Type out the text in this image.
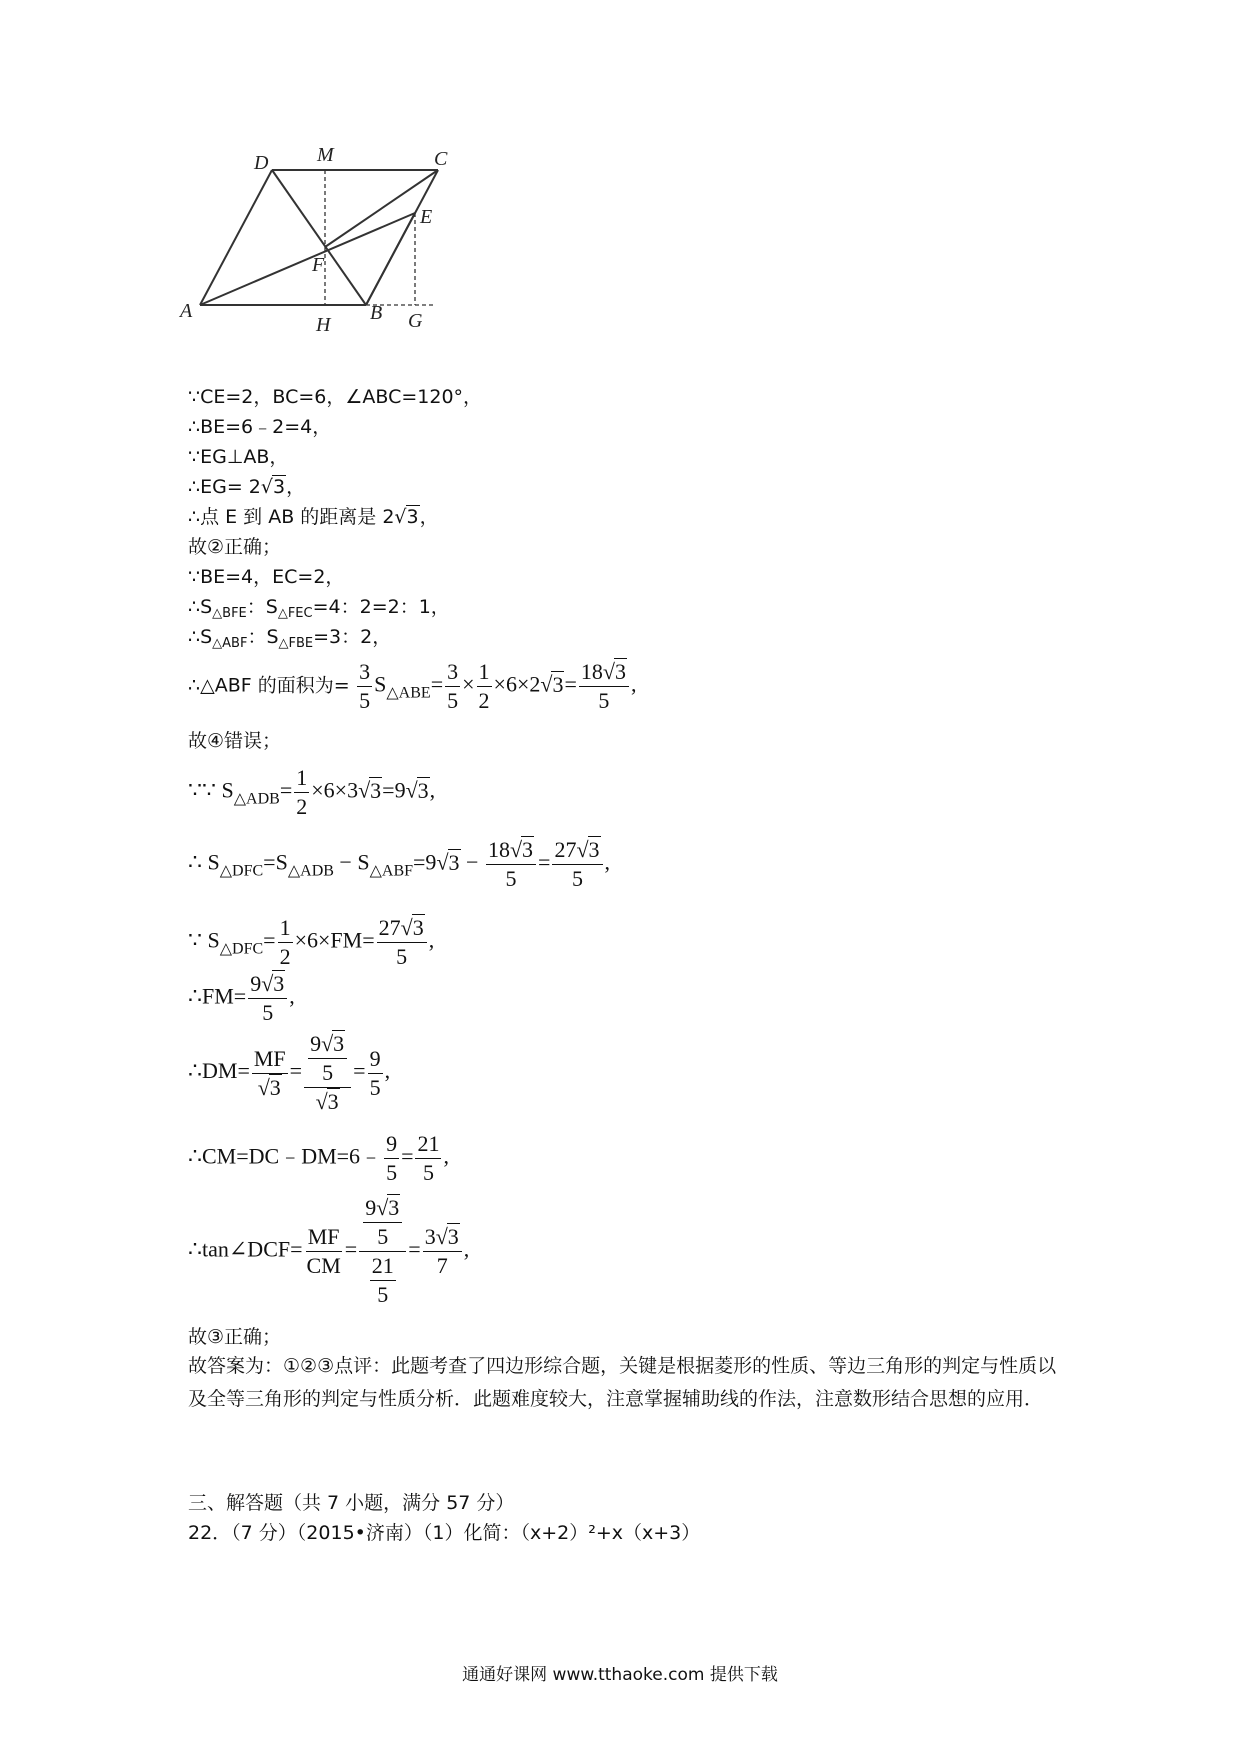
D M	C
E
F
A
H
B G
∵CE=2，BC=6，∠ABC=120°，
∴BE=6﹣2=4，
∵EG⊥AB，
∴EG= 2√3，
∴点 E 到 AB 的距离是 2√3，
故②正确；
∵BE=4，EC=2，
$\therefore S_{\triangle BFE}$：$S_{\triangle FEC}=4$：2=2：1，
$\therefore S_{\triangle ABF}$：$S_{\triangle FBE}=3$：2，
∴△ABF 的面积为= $\frac{3}{5} S_{\triangle ABE}= \frac{3}{5} \times \frac{1}{2} \times 6\times 2√3= \frac{18√3}{5}$ ,
故④错误；
∵∵ $S_{\triangle ADB}= \frac{1}{2} \times 6\times 3√3=9√3$,
∴ $S_{\triangle DFC}=S_{\triangle ADB} - S_{\triangle ABF}=9√3 - \frac{18√3}{5} = \frac{27√3}{5}$ ,
∵ $S_{\triangle DFC}= \frac{1}{2} \times 6\times FM= \frac{27√3}{5}$ ,
∴FM= $\frac{9√3}{5}$ ,
∴DM= $\frac{MF}{√3} = \frac{\frac{9√3}{5}}{√3} = \frac{9}{5}$ ,
∴CM=DC﹣DM=6﹣ $\frac{9}{5} = \frac{21}{5}$ ,
∴tan∠DCF= $\frac{MF}{CM} = \frac{\frac{9√3}{5}}{\frac{21}{5}} = \frac{3√3}{7}$ ,
故③正确；
故答案为：①②③点评：此题考查了四边形综合题，关键是根据菱形的性质、等边三角形的判定与性质以及全等三角形的判定与性质分析．此题难度较大，注意掌握辅助线的作法，注意数形结合思想的应用．
三、解答题（共 7 小题，满分 57 分）
22．（7 分）（2015•济南）（1）化简：（x+2）²+x（x+3）
通通好课网 www.tthaoke.com 提供下载
